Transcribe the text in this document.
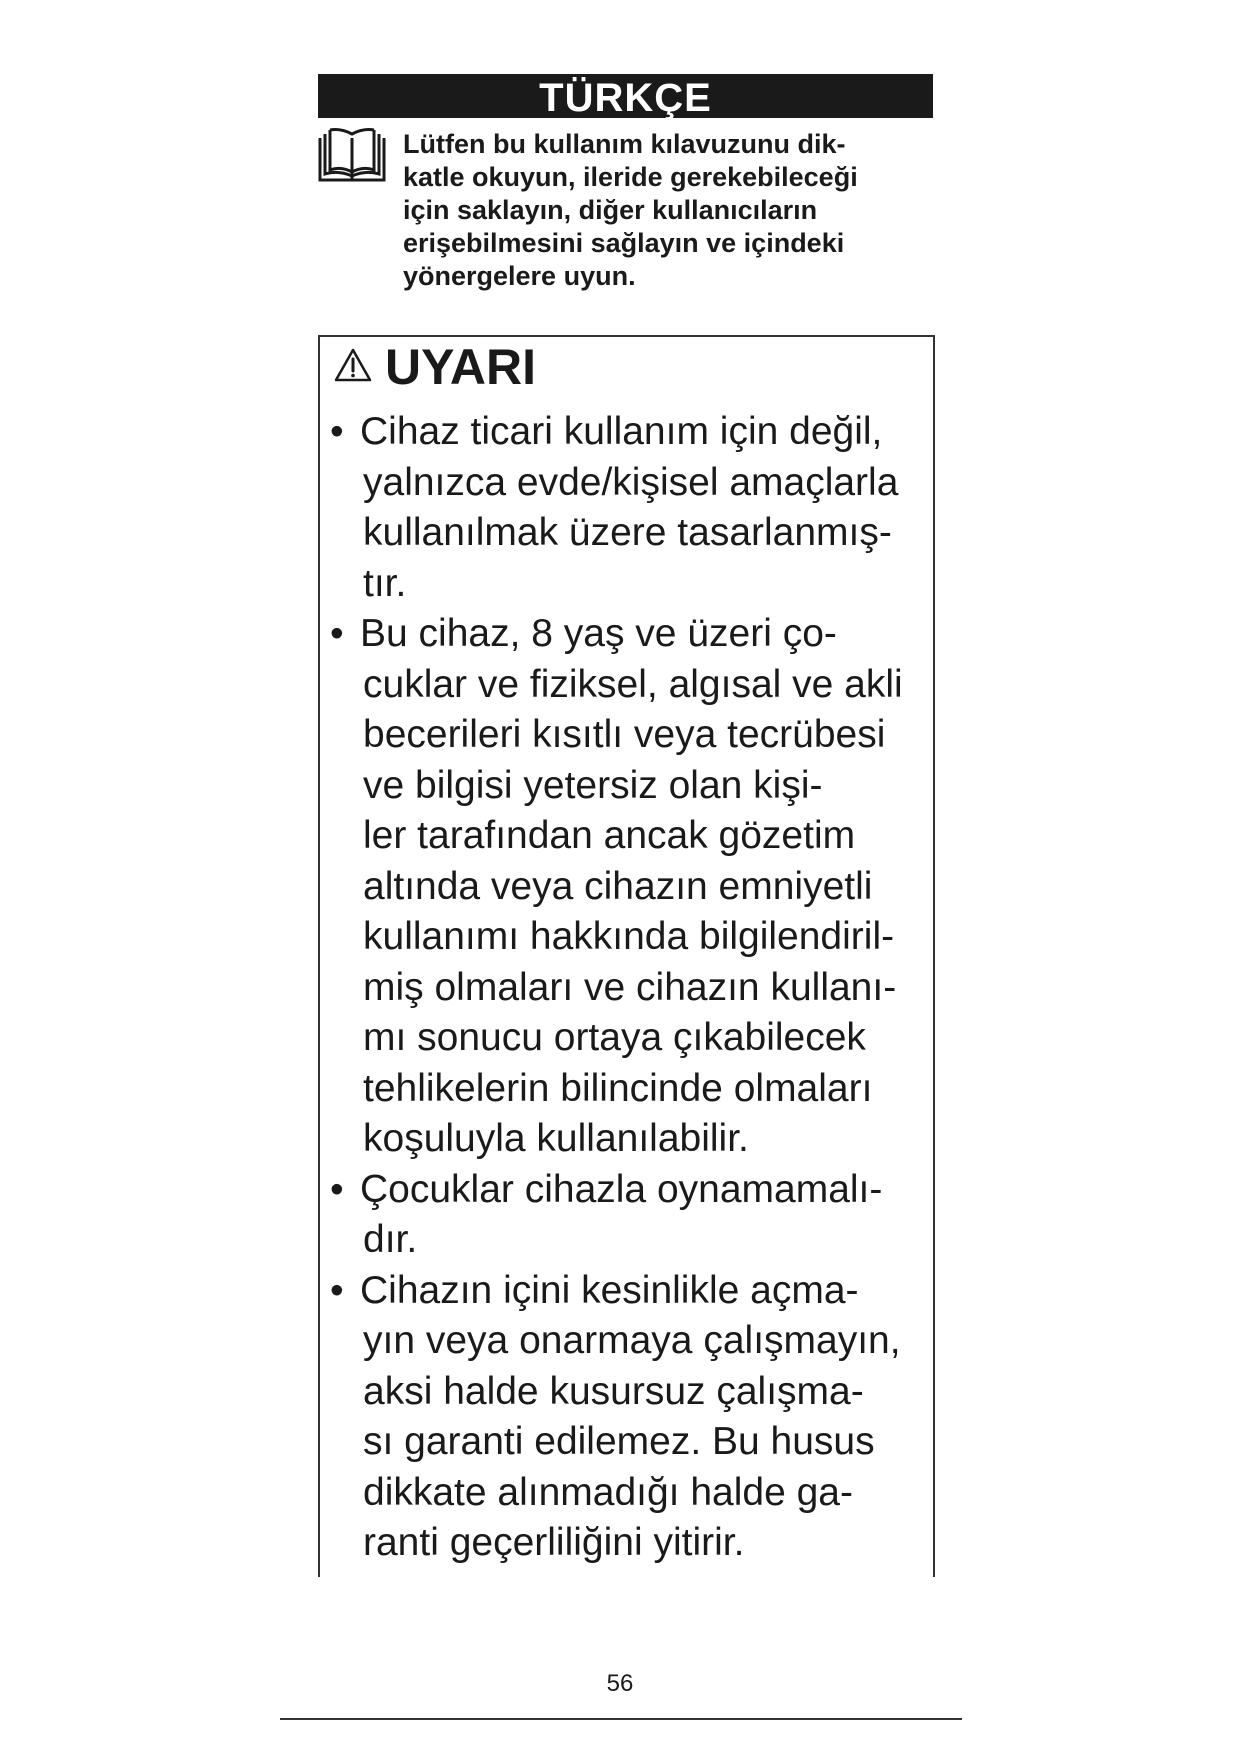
TÜRKÇE
Lütfen bu kullanım kılavuzunu dik-
katle okuyun, ileride gerekebileceği
için saklayın, diğer kullanıcıların
erişebilmesini sağlayın ve içindeki
yönergelere uyun.
UYARI
• Cihaz ticari kullanım için değil,
yalnızca evde/kişisel amaçlarla
kullanılmak üzere tasarlanmış-
tır.
• Bu cihaz, 8 yaş ve üzeri ço-
cuklar ve fiziksel, algısal ve akli
becerileri kısıtlı veya tecrübesi
ve bilgisi yetersiz olan kişi-
ler tarafından ancak gözetim
altında veya cihazın emniyetli
kullanımı hakkında bilgilendiril-
miş olmaları ve cihazın kullanı-
mı sonucu ortaya çıkabilecek
tehlikelerin bilincinde olmaları
koşuluyla kullanılabilir.
• Çocuklar cihazla oynamamalı-
dır.
• Cihazın içini kesinlikle açma-
yın veya onarmaya çalışmayın,
aksi halde kusursuz çalışma-
sı garanti edilemez. Bu husus
dikkate alınmadığı halde ga-
ranti geçerliliğini yitirir.
56
